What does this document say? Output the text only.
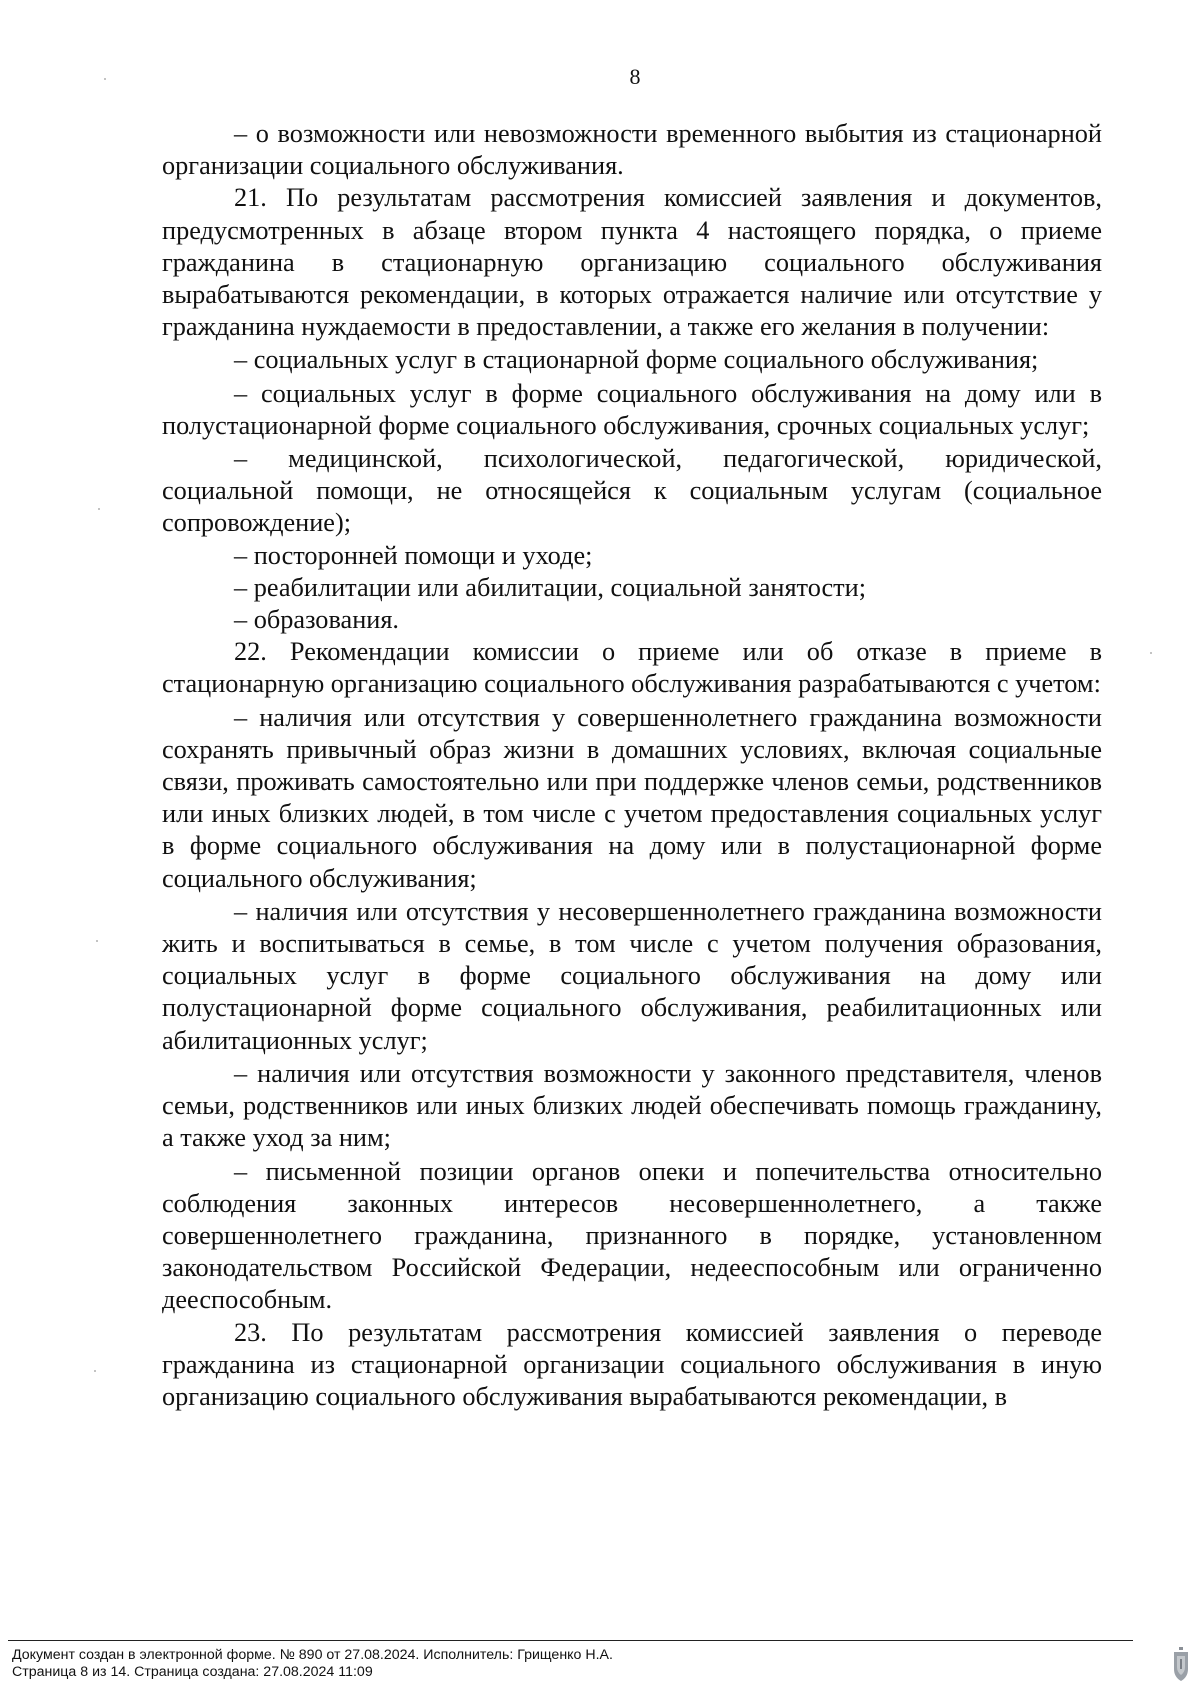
8

– о возможности или невозможности временного выбытия из стационарной организации социального обслуживания.

21. По результатам рассмотрения комиссией заявления и документов, предусмотренных в абзаце втором пункта 4 настоящего порядка, о приеме гражданина в стационарную организацию социального обслуживания вырабатываются рекомендации, в которых отражается наличие или отсутствие у гражданина нуждаемости в предоставлении, а также его желания в получении:

– социальных услуг в стационарной форме социального обслуживания;

– социальных услуг в форме социального обслуживания на дому или в полустационарной форме социального обслуживания, срочных социальных услуг;

– медицинской, психологической, педагогической, юридической, социальной помощи, не относящейся к социальным услугам (социальное сопровождение);

– посторонней помощи и уходе;

– реабилитации или абилитации, социальной занятости;

– образования.

22. Рекомендации комиссии о приеме или об отказе в приеме в стационарную организацию социального обслуживания разрабатываются с учетом:

– наличия или отсутствия у совершеннолетнего гражданина возможности сохранять привычный образ жизни в домашних условиях, включая социальные связи, проживать самостоятельно или при поддержке членов семьи, родственников или иных близких людей, в том числе с учетом предоставления социальных услуг в форме социального обслуживания на дому или в полустационарной форме социального обслуживания;

– наличия или отсутствия у несовершеннолетнего гражданина возможности жить и воспитываться в семье, в том числе с учетом получения образования, социальных услуг в форме социального обслуживания на дому или полустационарной форме социального обслуживания, реабилитационных или абилитационных услуг;

– наличия или отсутствия возможности у законного представителя, членов семьи, родственников или иных близких людей обеспечивать помощь гражданину, а также уход за ним;

– письменной позиции органов опеки и попечительства относительно соблюдения законных интересов несовершеннолетнего, а также совершеннолетнего гражданина, признанного в порядке, установленном законодательством Российской Федерации, недееспособным или ограниченно дееспособным.

23. По результатам рассмотрения комиссией заявления о переводе гражданина из стационарной организации социального обслуживания в иную организацию социального обслуживания вырабатываются рекомендации, в

Документ создан в электронной форме. № 890 от 27.08.2024. Исполнитель: Грищенко Н.А.
Страница 8 из 14. Страница создана: 27.08.2024 11:09
